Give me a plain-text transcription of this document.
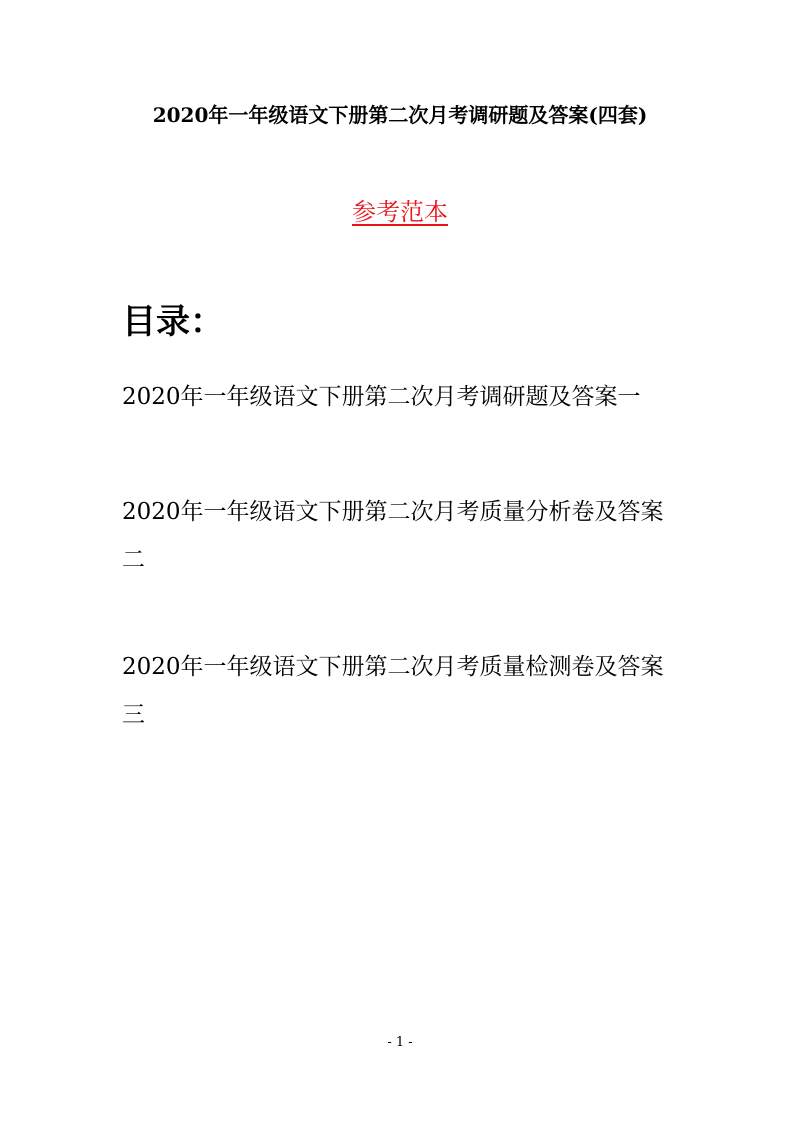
2020年一年级语文下册第二次月考调研题及答案(四套)
参考范本
目录：
2020年一年级语文下册第二次月考调研题及答案一
2020年一年级语文下册第二次月考质量分析卷及答案二
2020年一年级语文下册第二次月考质量检测卷及答案三
- 1 -
